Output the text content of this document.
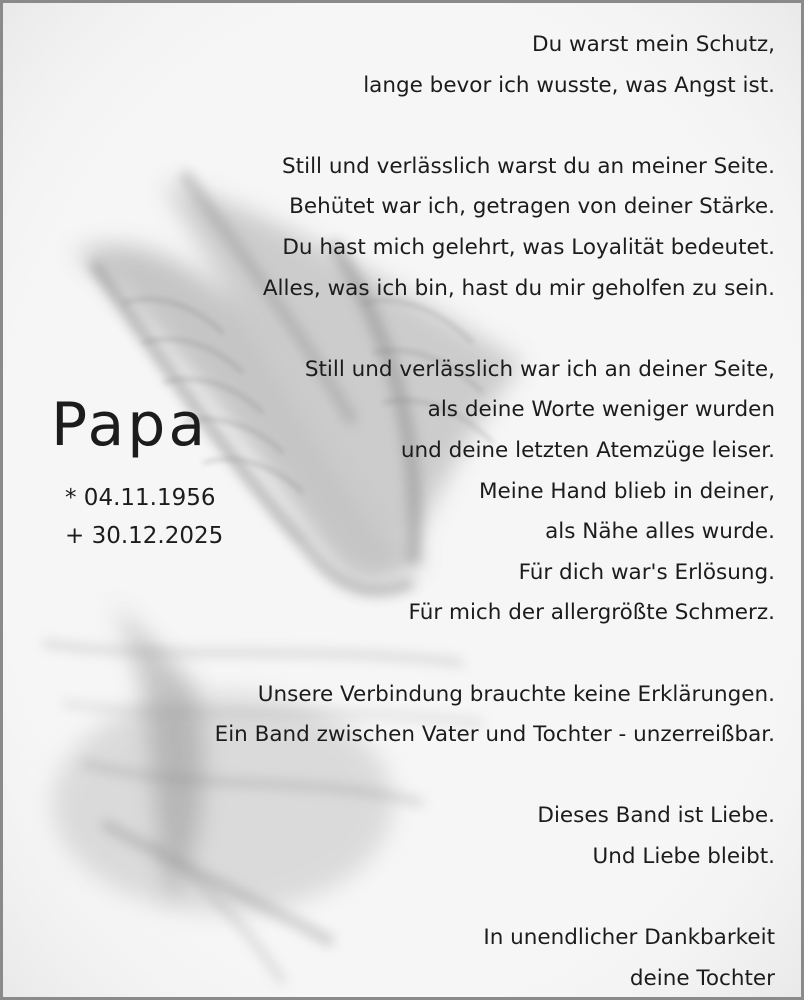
Papa
* 04.11.1956
+ 30.12.2025
Du warst mein Schutz,
lange bevor ich wusste, was Angst ist.
Still und verlässlich warst du an meiner Seite.
Behütet war ich, getragen von deiner Stärke.
Du hast mich gelehrt, was Loyalität bedeutet.
Alles, was ich bin, hast du mir geholfen zu sein.
Still und verlässlich war ich an deiner Seite,
als deine Worte weniger wurden
und deine letzten Atemzüge leiser.
Meine Hand blieb in deiner,
als Nähe alles wurde.
Für dich war's Erlösung.
Für mich der allergrößte Schmerz.
Unsere Verbindung brauchte keine Erklärungen.
Ein Band zwischen Vater und Tochter - unzerreißbar.
Dieses Band ist Liebe.
Und Liebe bleibt.
In unendlicher Dankbarkeit
deine Tochter
